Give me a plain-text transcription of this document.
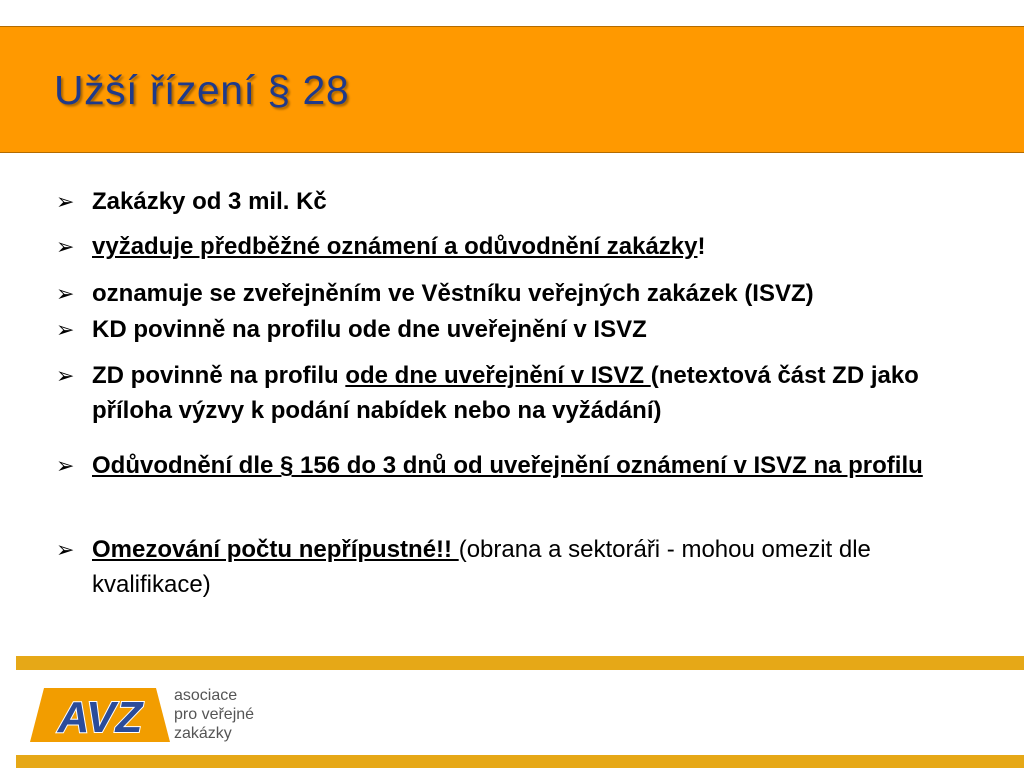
Užší řízení § 28
➢ Zakázky od 3 mil. Kč
➢ vyžaduje předběžné oznámení a odůvodnění zakázky!
➢ oznamuje se zveřejněním ve Věstníku veřejných zakázek (ISVZ)
➢ KD povinně na profilu ode dne uveřejnění v ISVZ
➢ ZD povinně na profilu ode dne uveřejnění v ISVZ (netextová část ZD jako příloha výzvy k podání nabídek nebo na vyžádání)
➢ Odůvodnění dle § 156 do 3 dnů od uveřejnění oznámení v ISVZ na profilu
➢ Omezování počtu nepřípustné!! (obrana a sektoráři - mohou omezit dle kvalifikace)
AVZ asociace
pro veřejné
zakázky
